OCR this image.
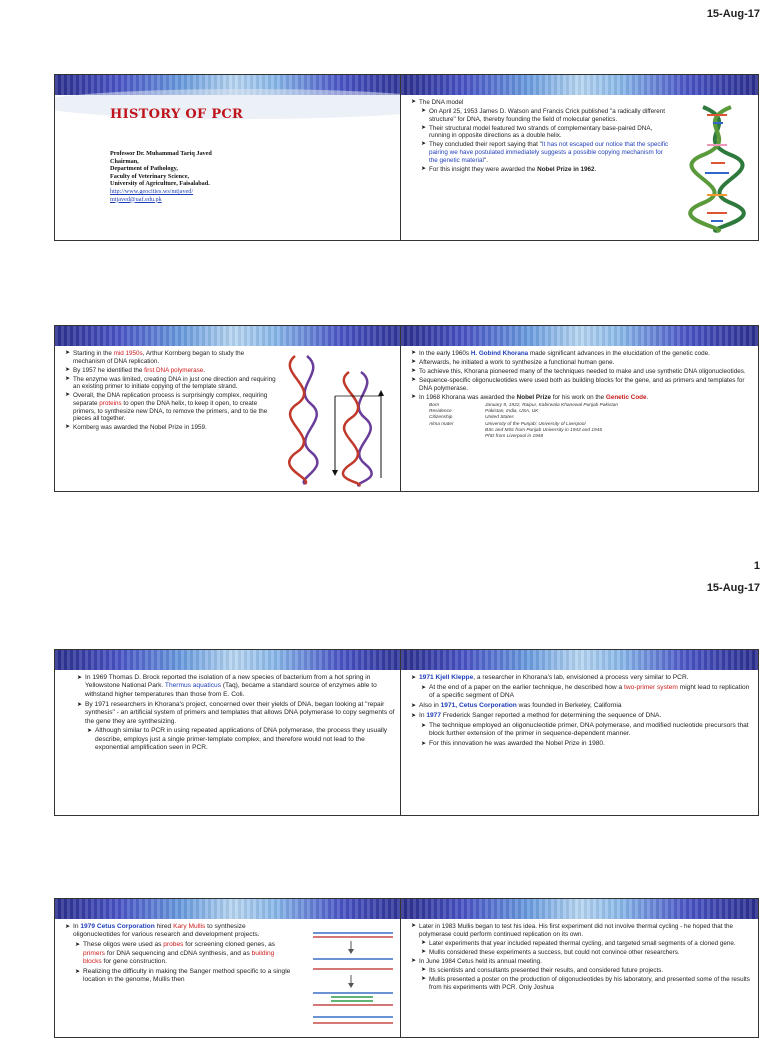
15-Aug-17
HISTORY OF PCR
Professor Dr. Muhammad Tariq Javed
Chairman,
Department of Pathology,
Faculty of Veterinary Science,
University of Agriculture, Faisalabad.
http://www.geocities.ws/mtjaved/
mtjaved@uaf.edu.pk
➤ The DNA model
➤ On April 25, 1953 James D. Watson and Francis Crick published "a radically different structure" for DNA, thereby founding the field of molecular genetics.
➤ Their structural model featured two strands of complementary base-paired DNA, running in opposite directions as a double helix.
➤ They concluded their report saying that "It has not escaped our notice that the specific pairing we have postulated immediately suggests a possible copying mechanism for the genetic material".
➤ For this insight they were awarded the Nobel Prize in 1962.
➤ Starting in the mid 1950s, Arthur Kornberg began to study the mechanism of DNA replication.
➤ By 1957 he identified the first DNA polymerase.
➤ The enzyme was limited, creating DNA in just one direction and requiring an existing primer to initiate copying of the template strand.
➤ Overall, the DNA replication process is surprisingly complex, requiring separate proteins to open the DNA helix, to keep it open, to create primers, to synthesize new DNA, to remove the primers, and to tie the pieces all together.
➤ Kornberg was awarded the Nobel Prize in 1959.
➤ In the early 1960s H. Gobind Khorana made significant advances in the elucidation of the genetic code.
➤ Afterwards, he initiated a work to synthesize a functional human gene.
➤ To achieve this, Khorana pioneered many of the techniques needed to make and use synthetic DNA oligonucleotides.
➤ Sequence-specific oligonucleotides were used both as building blocks for the gene, and as primers and templates for DNA polymerase.
➤ In 1968 Khorana was awarded the Nobel Prize for his work on the Genetic Code.
Born	January 9, 1922, Raipur, Kabirwala Khanewal Punjab Pakistan
Residence	Pakistan, India, USA, UK
Citizenship	United States
Alma mater	University of the Punjab; University of Liverpool
BSc and MSc from Punjab University in 1943 and 1945
PhD from Liverpool in 1948
1
15-Aug-17
➤ In 1969 Thomas D. Brock reported the isolation of a new species of bacterium from a hot spring in Yellowstone National Park. Thermus aquaticus (Taq), became a standard source of enzymes able to withstand higher temperatures than those from E. Coli.
➤ By 1971 researchers in Khorana's project, concerned over their yields of DNA, began looking at "repair synthesis" - an artificial system of primers and templates that allows DNA polymerase to copy segments of the gene they are synthesizing.
➤ Although similar to PCR in using repeated applications of DNA polymerase, the process they usually describe, employs just a single primer-template complex, and therefore would not lead to the exponential amplification seen in PCR.
➤ 1971 Kjell Kleppe, a researcher in Khorana's lab, envisioned a process very similar to PCR.
➤ At the end of a paper on the earlier technique, he described how a two-primer system might lead to replication of a specific segment of DNA
➤ Also in 1971, Cetus Corporation was founded in Berkeley, California
➤ In 1977 Frederick Sanger reported a method for determining the sequence of DNA.
➤ The technique employed an oligonucleotide primer, DNA polymerase, and modified nucleotide precursors that block further extension of the primer in sequence-dependent manner.
➤ For this innovation he was awarded the Nobel Prize in 1980.
➤ In 1979 Cetus Corporation hired Kary Mullis to synthesize oligonucleotides for various research and development projects.
➤ These oligos were used as probes for screening cloned genes, as primers for DNA sequencing and cDNA synthesis, and as building blocks for gene construction.
➤ Realizing the difficulty in making the Sanger method specific to a single location in the genome, Mullis then
➤ Later in 1983 Mullis began to test his idea. His first experiment did not involve thermal cycling - he hoped that the polymerase could perform continued replication on its own.
➤ Later experiments that year included repeated thermal cycling, and targeted small segments of a cloned gene.
➤ Mullis considered these experiments a success, but could not convince other researchers.
➤ In June 1984 Cetus held its annual meeting.
➤ Its scientists and consultants presented their results, and considered future projects.
➤ Mullis presented a poster on the production of oligonucleotides by his laboratory, and presented some of the results from his experiments with PCR. Only Joshua
